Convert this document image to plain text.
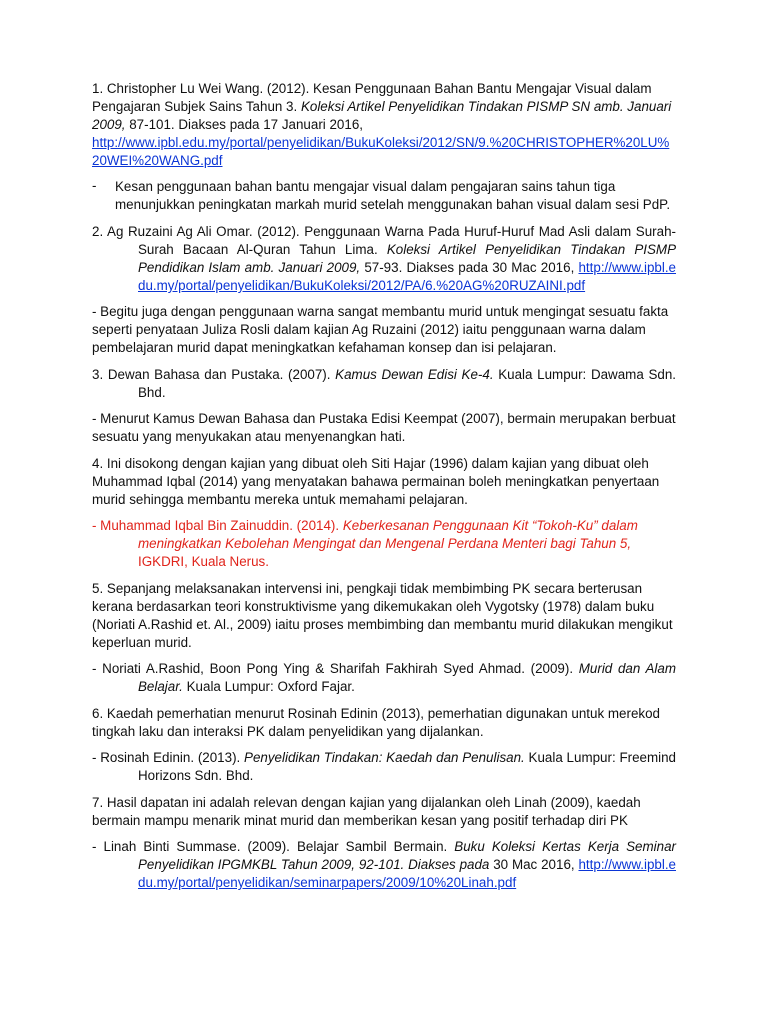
1. Christopher Lu Wei Wang. (2012). Kesan Penggunaan Bahan Bantu Mengajar Visual dalam Pengajaran Subjek Sains Tahun 3. Koleksi Artikel Penyelidikan Tindakan PISMP SN amb. Januari 2009, 87-101. Diakses pada 17 Januari 2016,
http://www.ipbl.edu.my/portal/penyelidikan/BukuKoleksi/2012/SN/9.%20CHRISTOPHER%20LU%20WEI%20WANG.pdf

-	Kesan penggunaan bahan bantu mengajar visual dalam pengajaran sains tahun tiga menunjukkan peningkatan markah murid setelah menggunakan bahan visual dalam sesi PdP.

2. Ag Ruzaini Ag Ali Omar. (2012). Penggunaan Warna Pada Huruf-Huruf Mad Asli dalam Surah-Surah Bacaan Al-Quran Tahun Lima. Koleksi Artikel Penyelidikan Tindakan PISMP Pendidikan Islam amb. Januari 2009, 57-93. Diakses pada 30 Mac 2016, http://www.ipbl.edu.my/portal/penyelidikan/BukuKoleksi/2012/PA/6.%20AG%20RUZAINI.pdf

- Begitu juga dengan penggunaan warna sangat membantu murid untuk mengingat sesuatu fakta seperti penyataan Juliza Rosli dalam kajian Ag Ruzaini (2012) iaitu penggunaan warna dalam pembelajaran murid dapat meningkatkan kefahaman konsep dan isi pelajaran.

3. Dewan Bahasa dan Pustaka. (2007). Kamus Dewan Edisi Ke-4. Kuala Lumpur: Dawama Sdn. Bhd.

- Menurut Kamus Dewan Bahasa dan Pustaka Edisi Keempat (2007), bermain merupakan berbuat sesuatu yang menyukakan atau menyenangkan hati.

4. Ini disokong dengan kajian yang dibuat oleh Siti Hajar (1996) dalam kajian yang dibuat oleh Muhammad Iqbal (2014) yang menyatakan bahawa permainan boleh meningkatkan penyertaan murid sehingga membantu mereka untuk memahami pelajaran.

- Muhammad Iqbal Bin Zainuddin. (2014). Keberkesanan Penggunaan Kit “Tokoh-Ku” dalam meningkatkan Kebolehan Mengingat dan Mengenal Perdana Menteri bagi Tahun 5, IGKDRI, Kuala Nerus.

5. Sepanjang melaksanakan intervensi ini, pengkaji tidak membimbing PK secara berterusan kerana berdasarkan teori konstruktivisme yang dikemukakan oleh Vygotsky (1978) dalam buku (Noriati A.Rashid et. Al., 2009) iaitu proses membimbing dan membantu murid dilakukan mengikut keperluan murid.

- Noriati A.Rashid, Boon Pong Ying & Sharifah Fakhirah Syed Ahmad. (2009). Murid dan Alam Belajar. Kuala Lumpur: Oxford Fajar.

6. Kaedah pemerhatian menurut Rosinah Edinin (2013), pemerhatian digunakan untuk merekod tingkah laku dan interaksi PK dalam penyelidikan yang dijalankan.

- Rosinah Edinin. (2013). Penyelidikan Tindakan: Kaedah dan Penulisan. Kuala Lumpur: Freemind Horizons Sdn. Bhd.

7. Hasil dapatan ini adalah relevan dengan kajian yang dijalankan oleh Linah (2009), kaedah bermain mampu menarik minat murid dan memberikan kesan yang positif terhadap diri PK

- Linah Binti Summase. (2009). Belajar Sambil Bermain. Buku Koleksi Kertas Kerja Seminar Penyelidikan IPGMKBL Tahun 2009, 92-101. Diakses pada 30 Mac 2016, http://www.ipbl.edu.my/portal/penyelidikan/seminarpapers/2009/10%20Linah.pdf
